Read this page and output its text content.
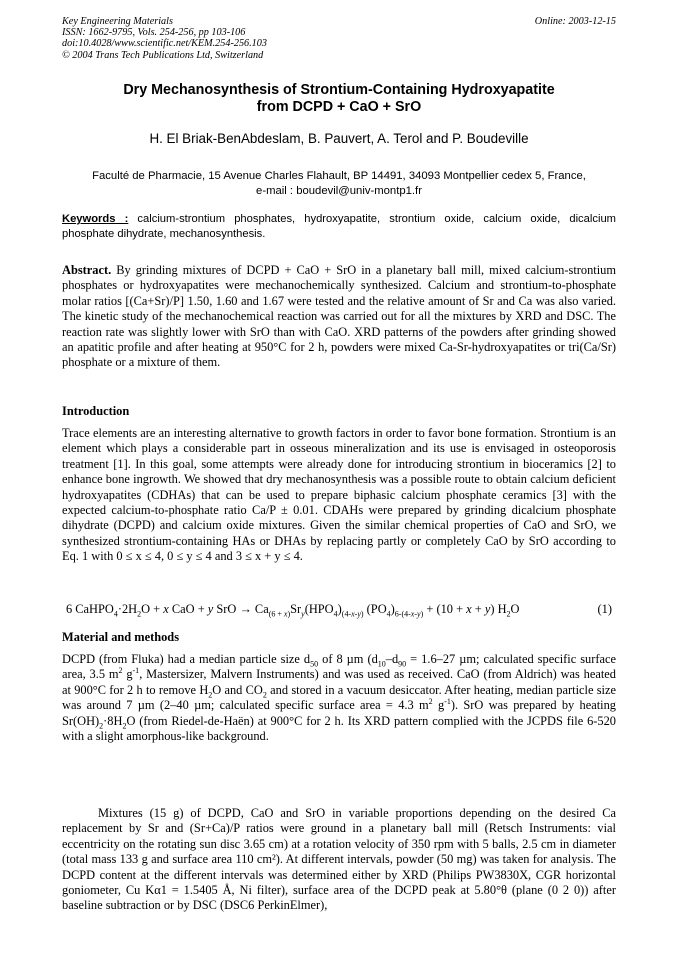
Key Engineering Materials
ISSN: 1662-9795, Vols. 254-256, pp 103-106
doi:10.4028/www.scientific.net/KEM.254-256.103
© 2004 Trans Tech Publications Ltd, Switzerland
Online: 2003-12-15
Dry Mechanosynthesis of Strontium-Containing Hydroxyapatite
from DCPD + CaO + SrO
H. El Briak-BenAbdeslam, B. Pauvert, A. Terol and P. Boudeville
Faculté de Pharmacie, 15 Avenue Charles Flahault, BP 14491, 34093 Montpellier cedex 5, France,
e-mail : boudevil@univ-montp1.fr
Keywords : calcium-strontium phosphates, hydroxyapatite, strontium oxide, calcium oxide, dicalcium phosphate dihydrate, mechanosynthesis.
Abstract. By grinding mixtures of DCPD + CaO + SrO in a planetary ball mill, mixed calcium-strontium phosphates or hydroxyapatites were mechanochemically synthesized. Calcium and strontium-to-phosphate molar ratios [(Ca+Sr)/P] 1.50, 1.60 and 1.67 were tested and the relative amount of Sr and Ca was also varied. The kinetic study of the mechanochemical reaction was carried out for all the mixtures by XRD and DSC. The reaction rate was slightly lower with SrO than with CaO. XRD patterns of the powders after grinding showed an apatitic profile and after heating at 950°C for 2 h, powders were mixed Ca-Sr-hydroxyapatites or tri(Ca/Sr) phosphate or a mixture of them.
Introduction
Trace elements are an interesting alternative to growth factors in order to favor bone formation. Strontium is an element which plays a considerable part in osseous mineralization and its use is envisaged in osteoporosis treatment [1]. In this goal, some attempts were already done for introducing strontium in bioceramics [2] to enhance bone ingrowth. We showed that dry mechanosynthesis was a possible route to obtain calcium deficient hydroxyapatites (CDHAs) that can be used to prepare biphasic calcium phosphate ceramics [3] with the expected calcium-to-phosphate ratio Ca/P ± 0.01. CDAHs were prepared by grinding dicalcium phosphate dihydrate (DCPD) and calcium oxide mixtures. Given the similar chemical properties of CaO and SrO, we synthesized strontium-containing HAs or DHAs by replacing partly or completely CaO by SrO according to Eq. 1 with 0 ≤ x ≤ 4, 0 ≤ y ≤ 4 and 3 ≤ x + y ≤ 4.
6 $CaHPO_4\cdot 2H_2O + x$ CaO + y SrO → $Ca_{(6 + x)}Sr_y(HPO_4)_{(4-x-y)}$ $(PO_4)_{6-(4-x-y)} + (10 + x + y)$ $H_2O$	(1)
Material and methods
DCPD (from Fluka) had a median particle size $d_{50}$ of 8 µm ($d_{10}-d_{90} = 1.6-27$ µm; calculated specific surface area, 3.5 $m^2$ $g^{-1}$, Mastersizer, Malvern Instruments) and was used as received. CaO (from Aldrich) was heated at 900°C for 2 h to remove $H_2O$ and $CO_2$ and stored in a vacuum desiccator. After heating, median particle size was around 7 µm (2–40 µm; calculated specific surface area = 4.3 $m^2$ $g^{-1}$). SrO was prepared by heating $Sr(OH)_2\cdot 8H_2O$ (from Riedel-de-Haën) at 900°C for 2 h. Its XRD pattern complied with the JCPDS file 6-520 with a slight amorphous-like background.
Mixtures (15 g) of DCPD, CaO and SrO in variable proportions depending on the desired Ca replacement by Sr and (Sr+Ca)/P ratios were ground in a planetary ball mill (Retsch Instruments: vial eccentricity on the rotating sun disc 3.65 cm) at a rotation velocity of 350 rpm with 5 balls, 2.5 cm in diameter (total mass 133 g and surface area 110 cm²). At different intervals, powder (50 mg) was taken for analysis. The DCPD content at the different intervals was determined either by XRD (Philips PW3830X, CGR horizontal goniometer, Cu Kα1 = 1.5405 Å, Ni filter), surface area of the DCPD peak at 5.80°θ (plane (0 2 0)) after baseline subtraction or by DSC (DSC6 PerkinElmer),
